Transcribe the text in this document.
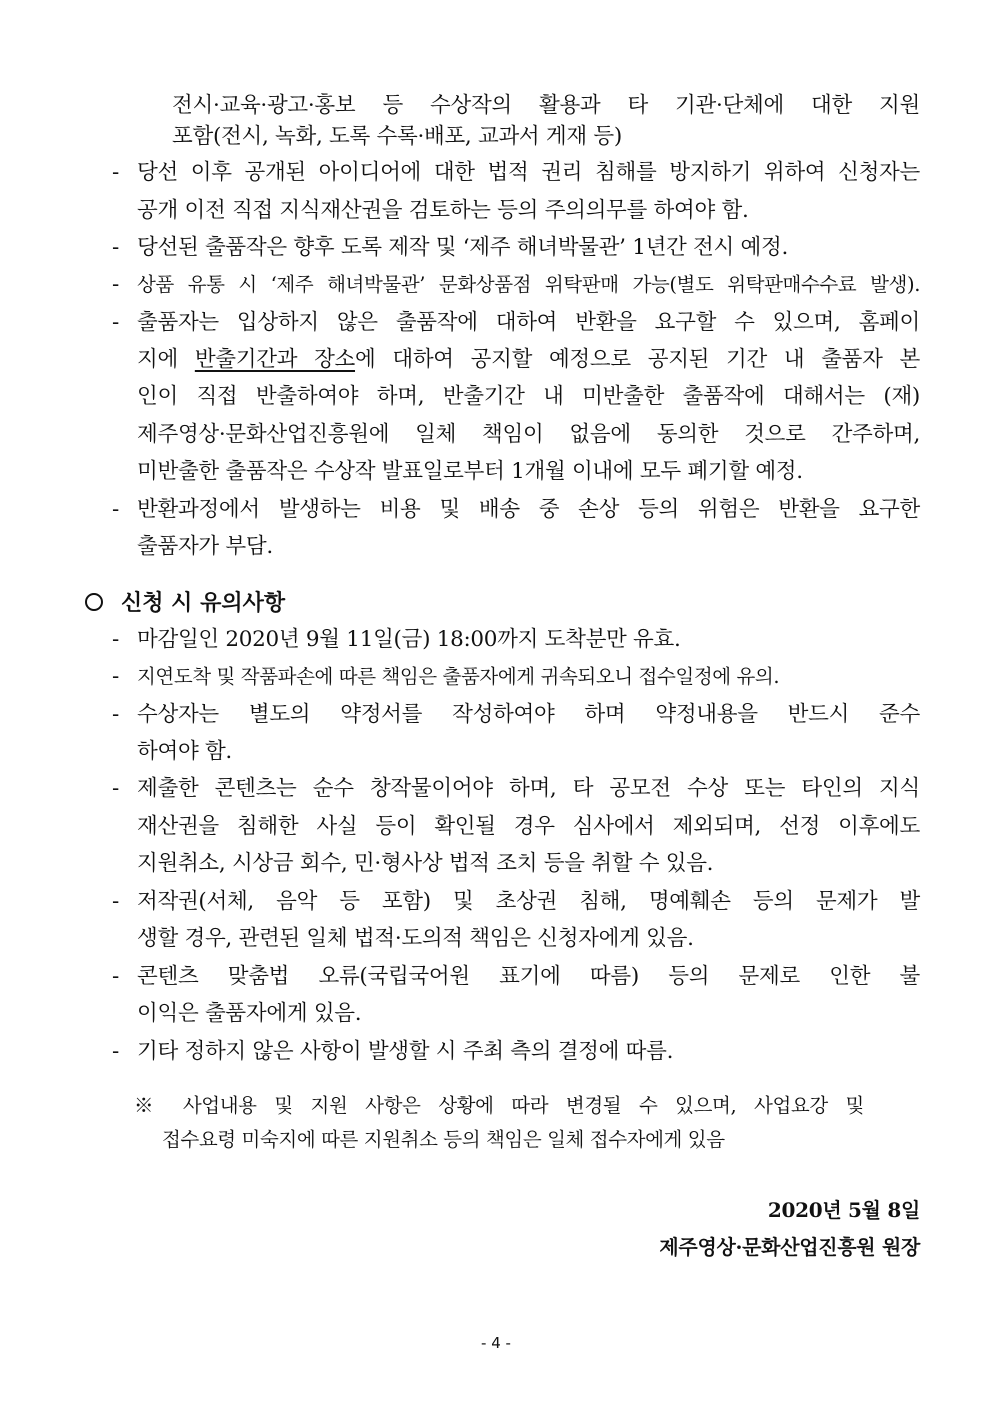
전시·교육·광고·홍보 등 수상작의 활용과 타 기관·단체에 대한 지원
포함(전시, 녹화, 도록 수록·배포, 교과서 게재 등)
- 당선 이후 공개된 아이디어에 대한 법적 권리 침해를 방지하기 위하여 신청자는
공개 이전 직접 지식재산권을 검토하는 등의 주의의무를 하여야 함.
- 당선된 출품작은 향후 도록 제작 및 ‘제주 해녀박물관’ 1년간 전시 예정.
- 상품 유통 시 ‘제주 해녀박물관’ 문화상품점 위탁판매 가능(별도 위탁판매수수료 발생).
- 출품자는 입상하지 않은 출품작에 대하여 반환을 요구할 수 있으며, 홈페이
지에 반출기간과 장소에 대하여 공지할 예정으로 공지된 기간 내 출품자 본
인이 직접 반출하여야 하며, 반출기간 내 미반출한 출품작에 대해서는 (재)
제주영상·문화산업진흥원에 일체 책임이 없음에 동의한 것으로 간주하며,
미반출한 출품작은 수상작 발표일로부터 1개월 이내에 모두 폐기할 예정.
- 반환과정에서 발생하는 비용 및 배송 중 손상 등의 위험은 반환을 요구한
출품자가 부담.
신청 시 유의사항
- 마감일인 2020년 9월 11일(금) 18:00까지 도착분만 유효.
- 지연도착 및 작품파손에 따른 책임은 출품자에게 귀속되오니 접수일정에 유의.
- 수상자는 별도의 약정서를 작성하여야 하며 약정내용을 반드시 준수
하여야 함.
- 제출한 콘텐츠는 순수 창작물이어야 하며, 타 공모전 수상 또는 타인의 지식
재산권을 침해한 사실 등이 확인될 경우 심사에서 제외되며, 선정 이후에도
지원취소, 시상금 회수, 민·형사상 법적 조치 등을 취할 수 있음.
- 저작권(서체, 음악 등 포함) 및 초상권 침해, 명예훼손 등의 문제가 발
생할 경우, 관련된 일체 법적·도의적 책임은 신청자에게 있음.
- 콘텐츠 맞춤법 오류(국립국어원 표기에 따름) 등의 문제로 인한 불
이익은 출품자에게 있음.
- 기타 정하지 않은 사항이 발생할 시 주최 측의 결정에 따름.
※ 사업내용 및 지원 사항은 상황에 따라 변경될 수 있으며, 사업요강 및
접수요령 미숙지에 따른 지원취소 등의 책임은 일체 접수자에게 있음
2020년 5월 8일
제주영상·문화산업진흥원 원장
- 4 -
